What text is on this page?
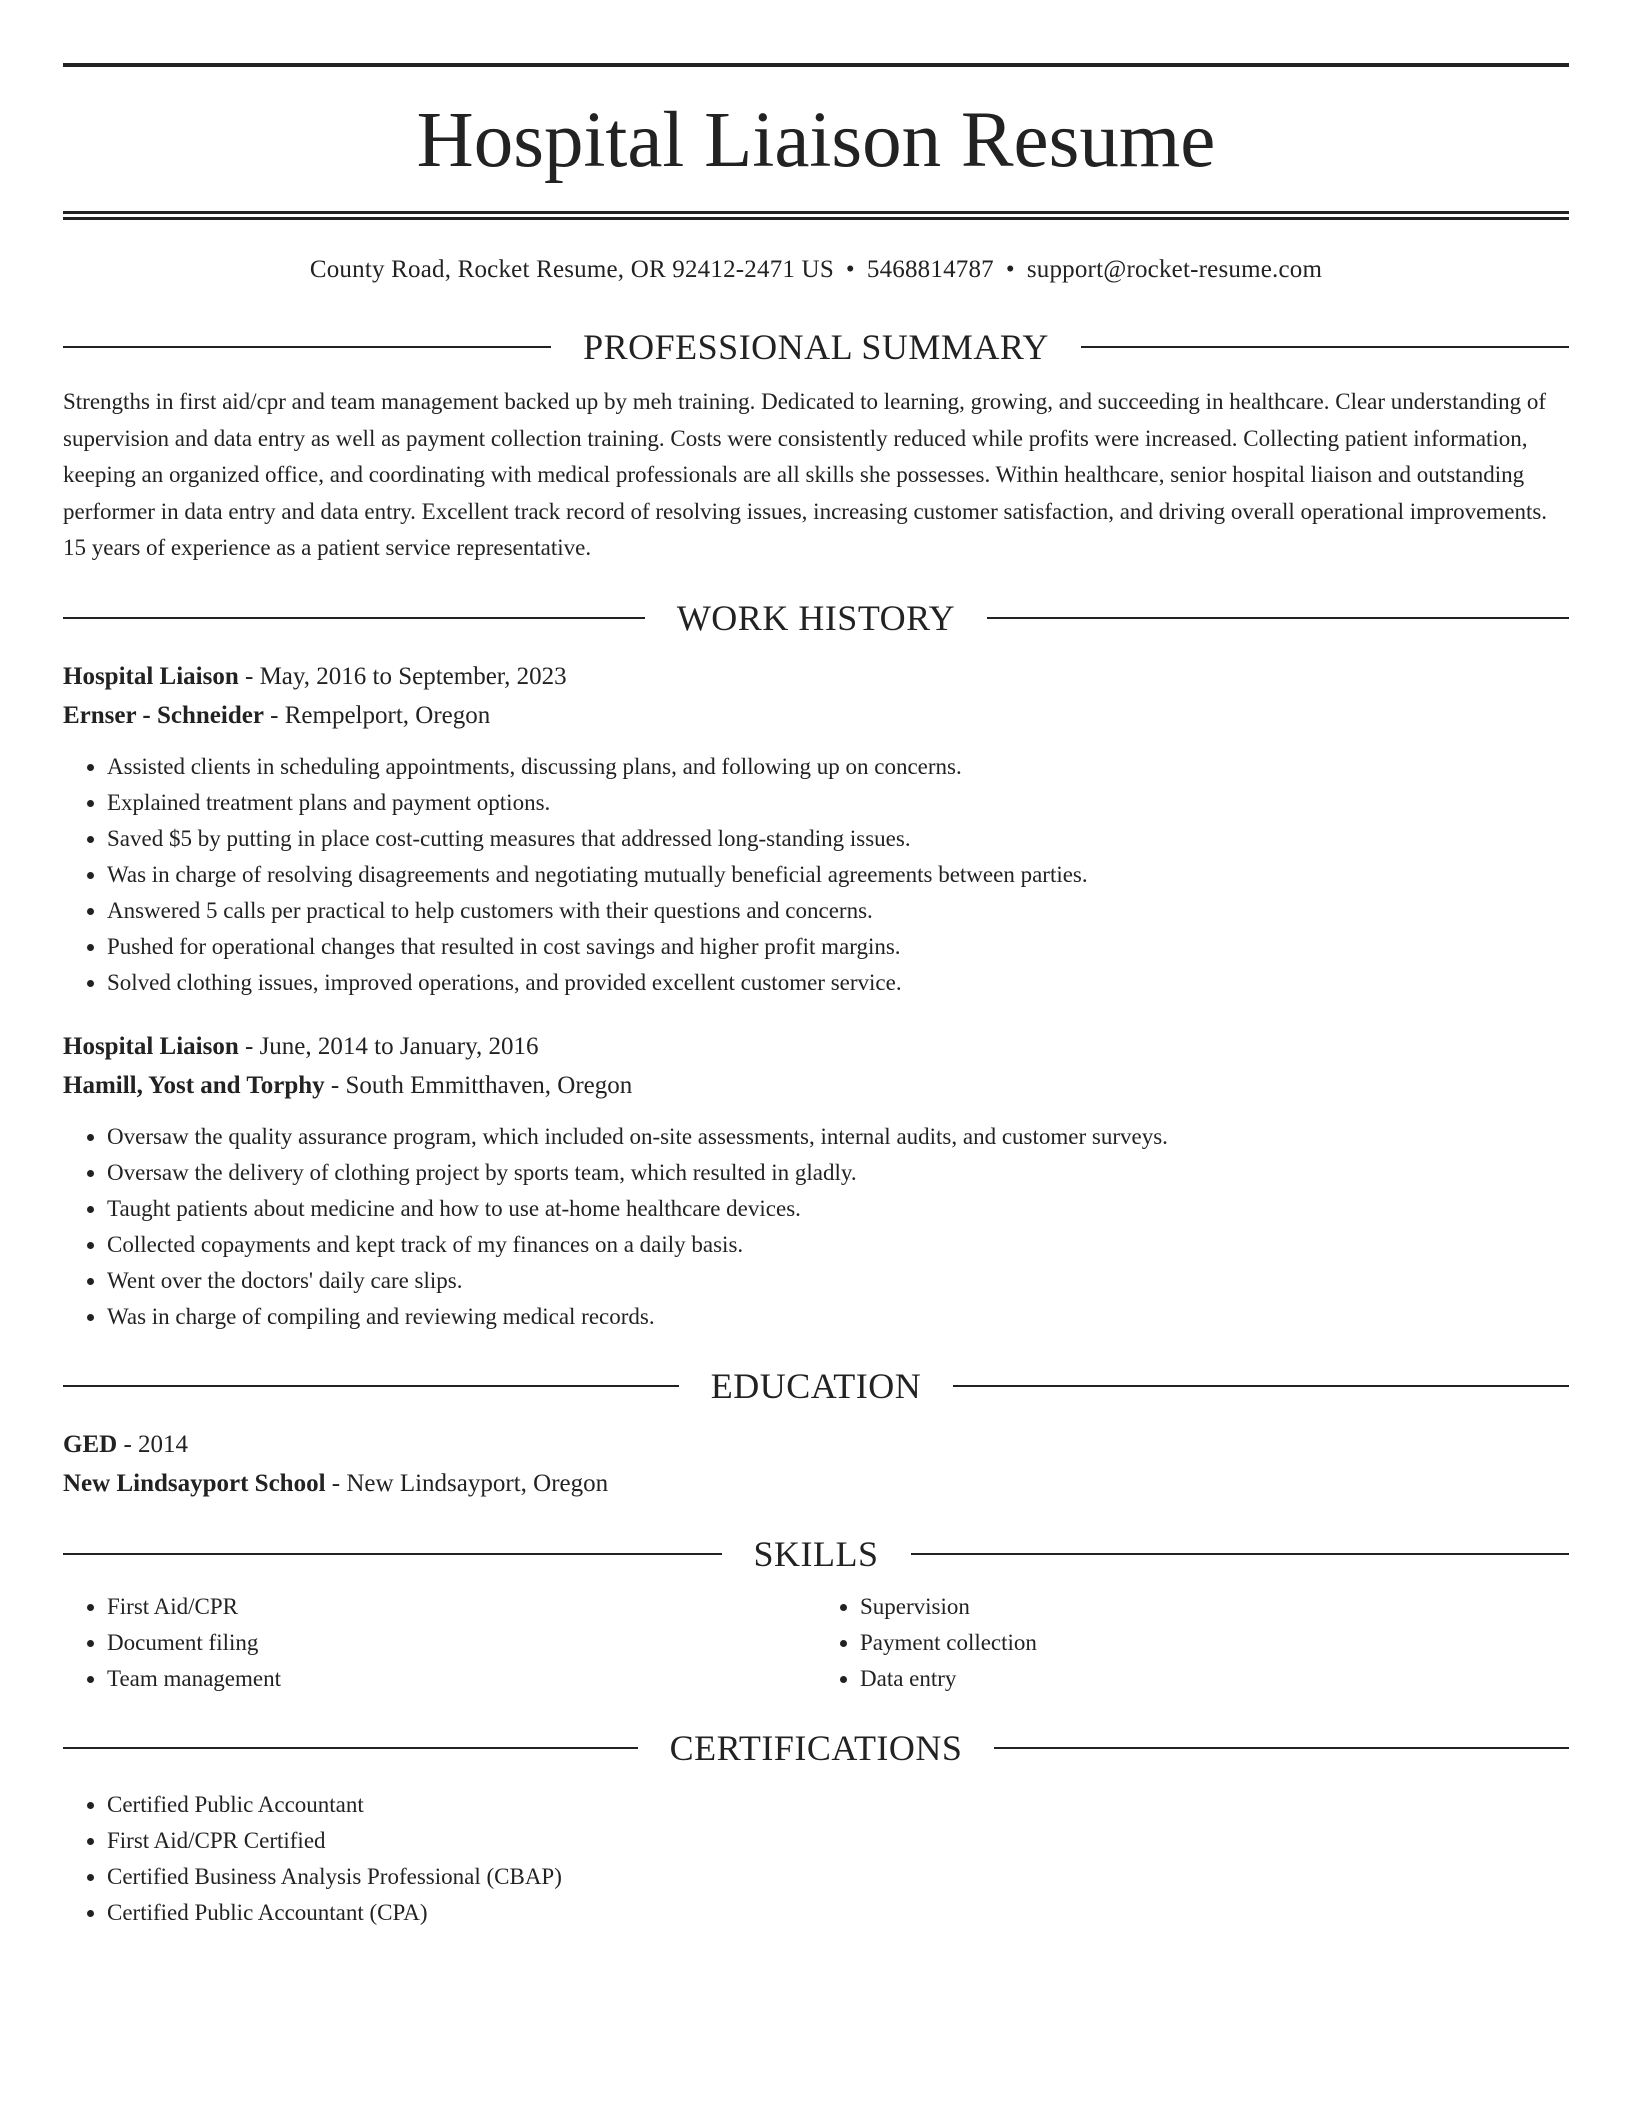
Hospital Liaison Resume
County Road, Rocket Resume, OR 92412-2471 US • 5468814787 • support@rocket-resume.com
PROFESSIONAL SUMMARY

Strengths in first aid/cpr and team management backed up by meh training. Dedicated to learning, growing, and succeeding in healthcare. Clear understanding of supervision and data entry as well as payment collection training. Costs were consistently reduced while profits were increased. Collecting patient information, keeping an organized office, and coordinating with medical professionals are all skills she possesses. Within healthcare, senior hospital liaison and outstanding performer in data entry and data entry. Excellent track record of resolving issues, increasing customer satisfaction, and driving overall operational improvements. 15 years of experience as a patient service representative.

WORK HISTORY
Hospital Liaison - May, 2016 to September, 2023
Ernser - Schneider - Rempelport, Oregon
• Assisted clients in scheduling appointments, discussing plans, and following up on concerns.
• Explained treatment plans and payment options.
• Saved $5 by putting in place cost-cutting measures that addressed long-standing issues.
• Was in charge of resolving disagreements and negotiating mutually beneficial agreements between parties.
• Answered 5 calls per practical to help customers with their questions and concerns.
• Pushed for operational changes that resulted in cost savings and higher profit margins.
• Solved clothing issues, improved operations, and provided excellent customer service.
Hospital Liaison - June, 2014 to January, 2016
Hamill, Yost and Torphy - South Emmitthaven, Oregon
• Oversaw the quality assurance program, which included on-site assessments, internal audits, and customer surveys.
• Oversaw the delivery of clothing project by sports team, which resulted in gladly.
• Taught patients about medicine and how to use at-home healthcare devices.
• Collected copayments and kept track of my finances on a daily basis.
• Went over the doctors' daily care slips.
• Was in charge of compiling and reviewing medical records.
EDUCATION
GED - 2014
New Lindsayport School - New Lindsayport, Oregon
SKILLS
• First Aid/CPR
• Document filing
• Team management
• Supervision
• Payment collection
• Data entry
CERTIFICATIONS
• Certified Public Accountant
• First Aid/CPR Certified
• Certified Business Analysis Professional (CBAP)
• Certified Public Accountant (CPA)
